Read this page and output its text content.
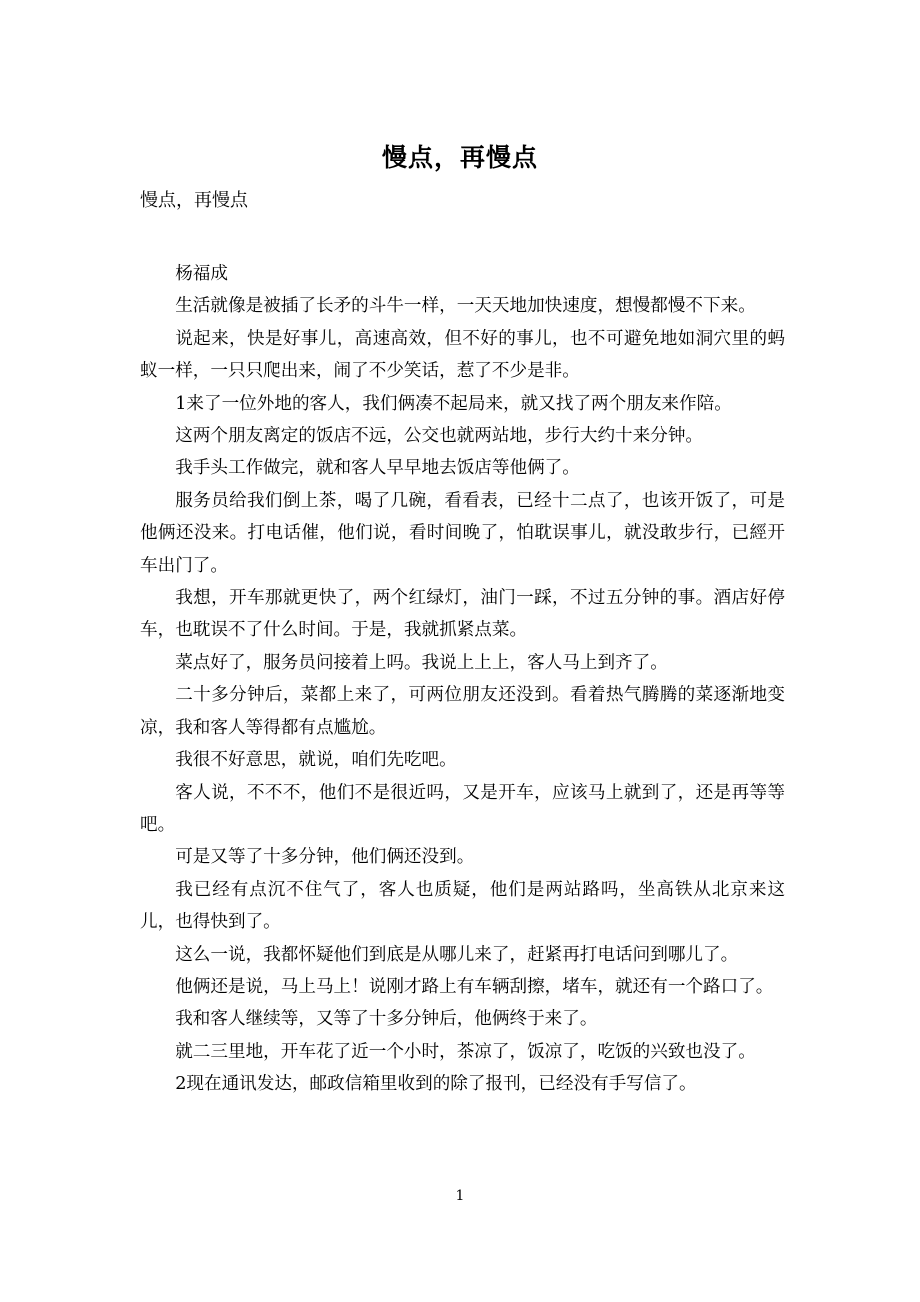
慢点，再慢点
慢点，再慢点

杨福成

生活就像是被插了长矛的斗牛一样，一天天地加快速度，想慢都慢不下来。

说起来，快是好事儿，高速高效，但不好的事儿，也不可避免地如洞穴里的蚂蚁一样，一只只爬出来，闹了不少笑话，惹了不少是非。

1来了一位外地的客人，我们俩凑不起局来，就又找了两个朋友来作陪。

这两个朋友离定的饭店不远，公交也就两站地，步行大约十来分钟。

我手头工作做完，就和客人早早地去饭店等他俩了。

服务员给我们倒上茶，喝了几碗，看看表，已经十二点了，也该开饭了，可是他俩还没来。打电话催，他们说，看时间晚了，怕耽误事儿，就没敢步行，已經开车出门了。

我想，开车那就更快了，两个红绿灯，油门一踩，不过五分钟的事。酒店好停车，也耽误不了什么时间。于是，我就抓紧点菜。

菜点好了，服务员问接着上吗。我说上上上，客人马上到齐了。

二十多分钟后，菜都上来了，可两位朋友还没到。看着热气腾腾的菜逐渐地变凉，我和客人等得都有点尴尬。

我很不好意思，就说，咱们先吃吧。

客人说，不不不，他们不是很近吗，又是开车，应该马上就到了，还是再等等吧。

可是又等了十多分钟，他们俩还没到。

我已经有点沉不住气了，客人也质疑，他们是两站路吗，坐高铁从北京来这儿，也得快到了。

这么一说，我都怀疑他们到底是从哪儿来了，赶紧再打电话问到哪儿了。

他俩还是说，马上马上！说刚才路上有车辆刮擦，堵车，就还有一个路口了。

我和客人继续等，又等了十多分钟后，他俩终于来了。

就二三里地，开车花了近一个小时，茶凉了，饭凉了，吃饭的兴致也没了。

2现在通讯发达，邮政信箱里收到的除了报刊，已经没有手写信了。

1
